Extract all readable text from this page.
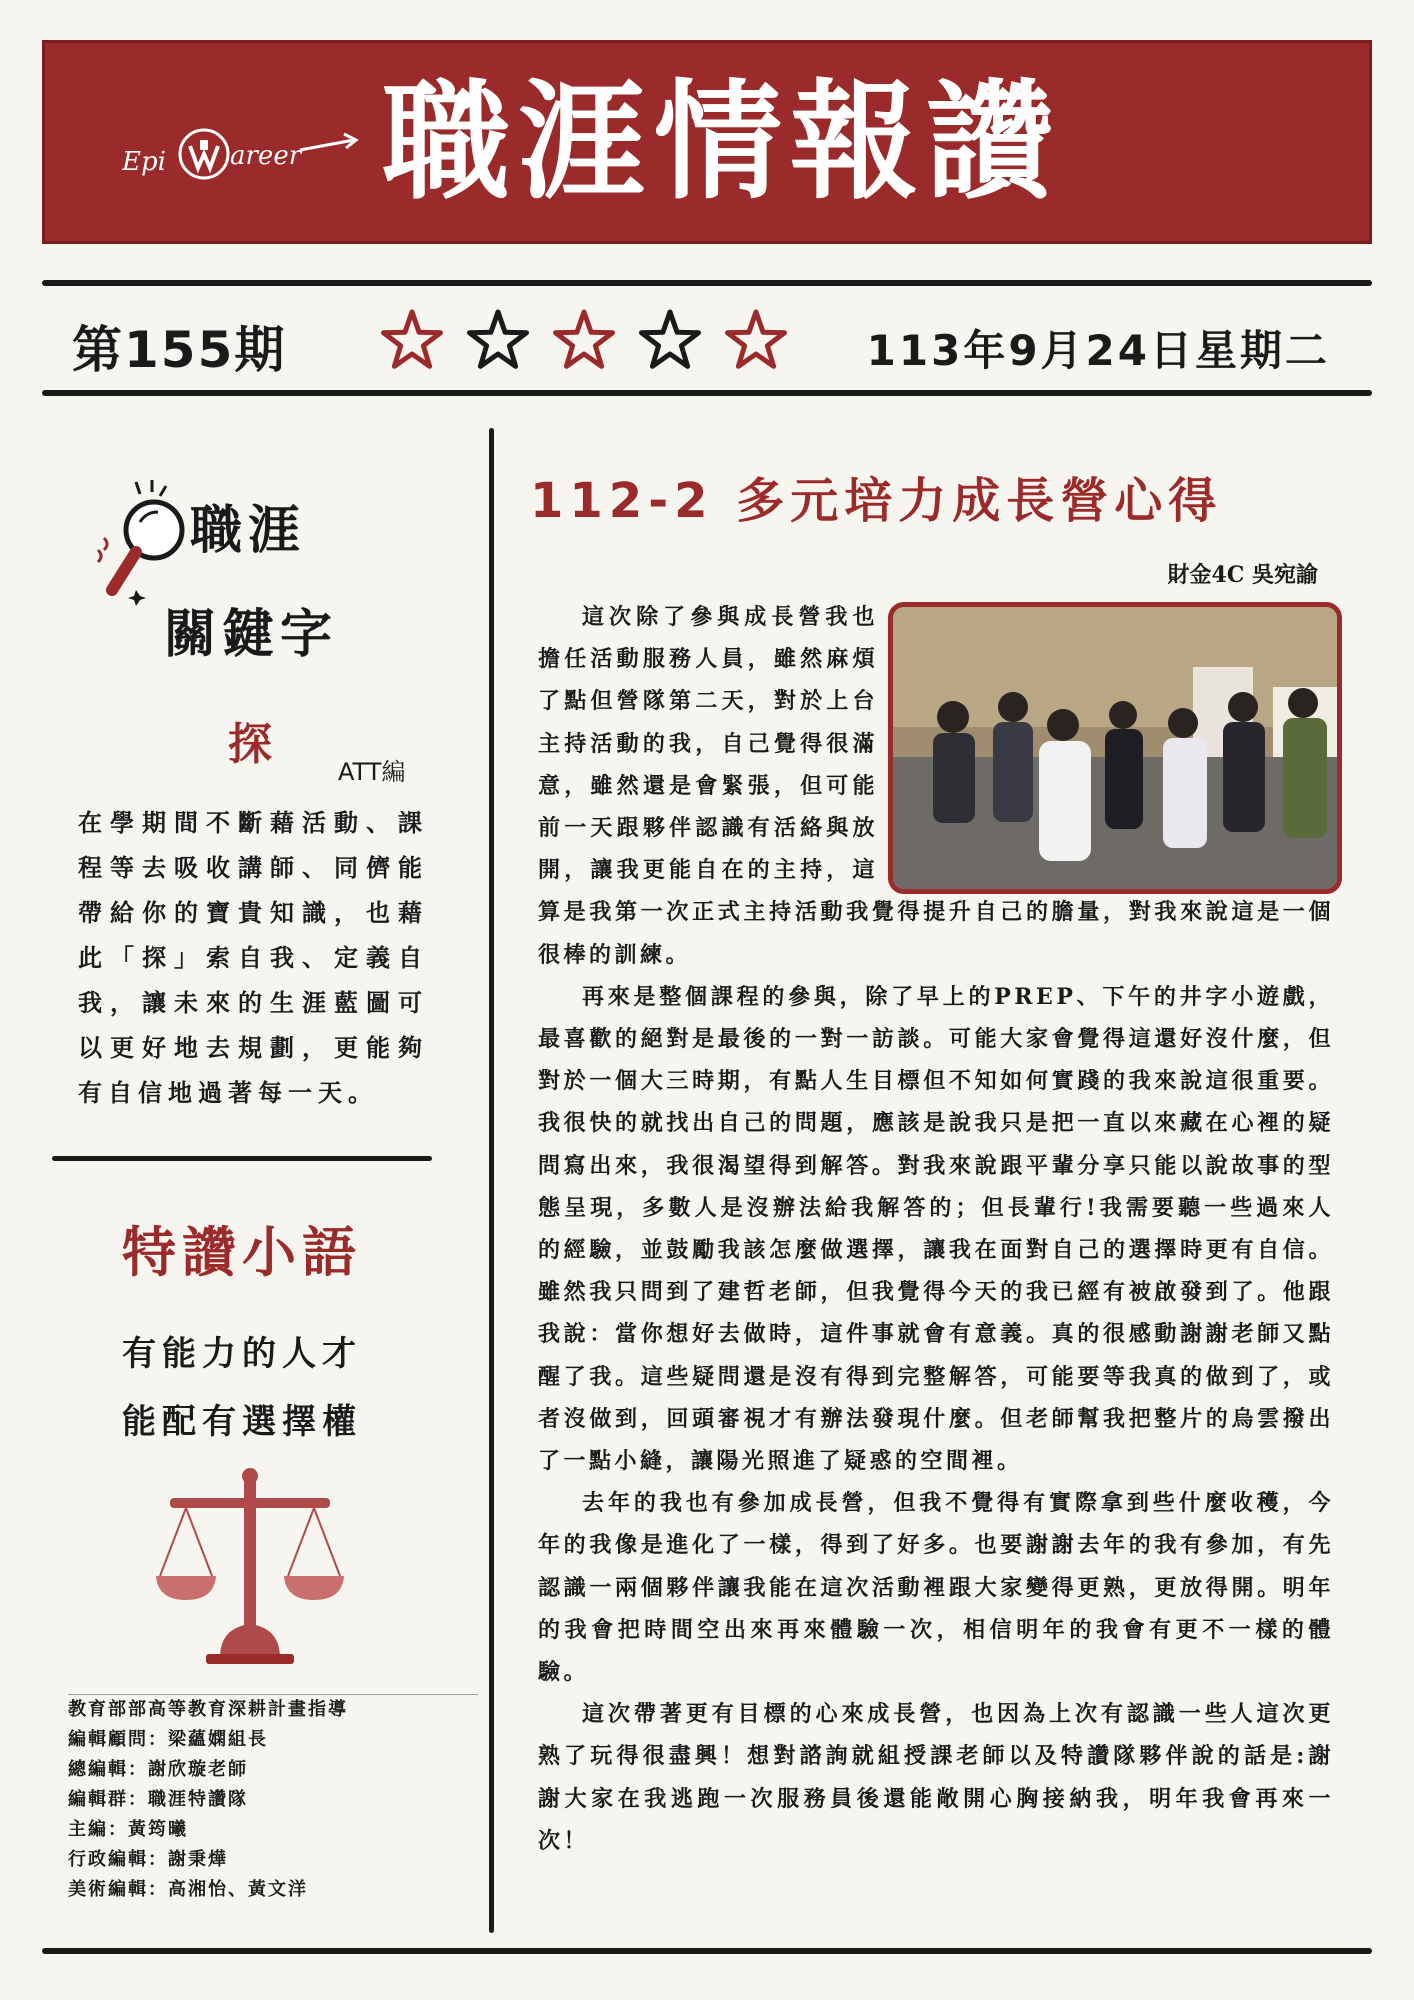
Epi areer 職涯情報讚
第155期	113年9月24日星期二
職涯
關鍵字
探
ATT編
在學期間不斷藉活動、課程等去吸收講師、同儕能帶給你的寶貴知識，也藉此「探」索自我、定義自我，讓未來的生涯藍圖可以更好地去規劃，更能夠有自信地過著每一天。
特讚小語
有能力的人才
能配有選擇權

教育部部高等教育深耕計畫指導

編輯顧問：梁蘊嫻組長

總編輯：謝欣璇老師

編輯群：職涯特讚隊

主編：黃筠曦

行政編輯：謝秉燁

美術編輯：高湘怡、黃文洋

112-2 多元培力成長營心得
財金4C 吳宛諭

這次除了參與成長營我也擔任活動服務人員，雖然麻煩了點但營隊第二天，對於上台主持活動的我，自己覺得很滿意，雖然還是會緊張，但可能前一天跟夥伴認識有活絡與放開，讓我更能自在的主持，這算是我第一次正式主持活動我覺得提升自己的膽量，對我來說這是一個很棒的訓練。

再來是整個課程的參與，除了早上的PREP、下午的井字小遊戲，最喜歡的絕對是最後的一對一訪談。可能大家會覺得這還好沒什麼，但對於一個大三時期，有點人生目標但不知如何實踐的我來說這很重要。我很快的就找出自己的問題，應該是說我只是把一直以來藏在心裡的疑問寫出來，我很渴望得到解答。對我來說跟平輩分享只能以說故事的型態呈現，多數人是沒辦法給我解答的；但長輩行!我需要聽一些過來人的經驗，並鼓勵我該怎麼做選擇，讓我在面對自己的選擇時更有自信。雖然我只問到了建哲老師，但我覺得今天的我已經有被啟發到了。他跟我說：當你想好去做時，這件事就會有意義。真的很感動謝謝老師又點醒了我。這些疑問還是沒有得到完整解答，可能要等我真的做到了，或者沒做到，回頭審視才有辦法發現什麼。但老師幫我把整片的烏雲撥出了一點小縫，讓陽光照進了疑惑的空間裡。

去年的我也有參加成長營，但我不覺得有實際拿到些什麼收穫，今年的我像是進化了一樣，得到了好多。也要謝謝去年的我有參加，有先認識一兩個夥伴讓我能在這次活動裡跟大家變得更熟，更放得開。明年的我會把時間空出來再來體驗一次，相信明年的我會有更不一樣的體驗。

這次帶著更有目標的心來成長營，也因為上次有認識一些人這次更熟了玩得很盡興！想對諮詢就組授課老師以及特讚隊夥伴說的話是:謝謝大家在我逃跑一次服務員後還能敞開心胸接納我，明年我會再來一次！
